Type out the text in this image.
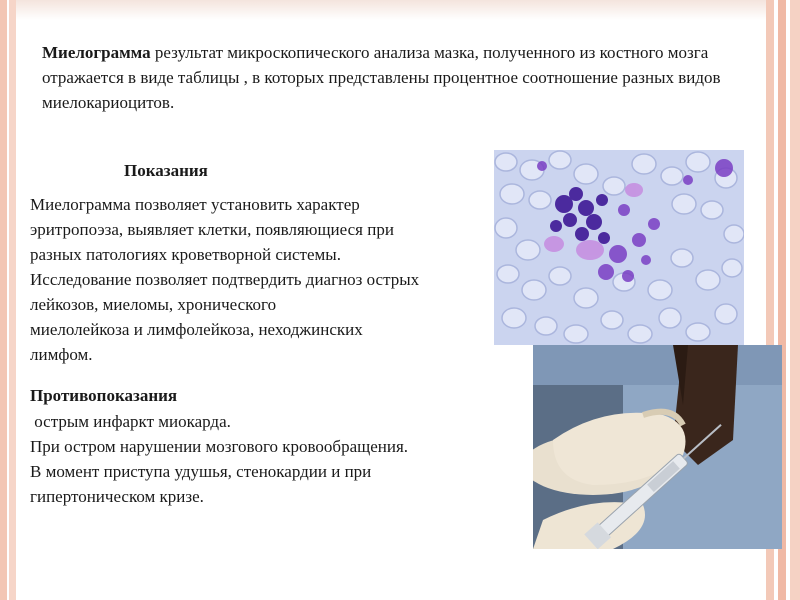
Миелограмма результат микроскопического анализа мазка, полученного из костного мозга отражается в виде таблицы , в которых представлены процентное соотношение разных видов миелокариоцитов.
Показания
Миелограмма позволяет установить характер
эритропоэза, выявляет клетки, появляющиеся при
разных патологиях кроветворной системы.
Исследование позволяет подтвердить диагноз острых
лейкозов, миеломы, хронического
миелолейкоза и лимфолейкоза, неходжинских
лимфом.
Противопоказания
острым инфаркт миокарда.
При остром нарушении мозгового кровообращения.
В момент приступа удушья, стенокардии и при
гипертоническом кризе.
